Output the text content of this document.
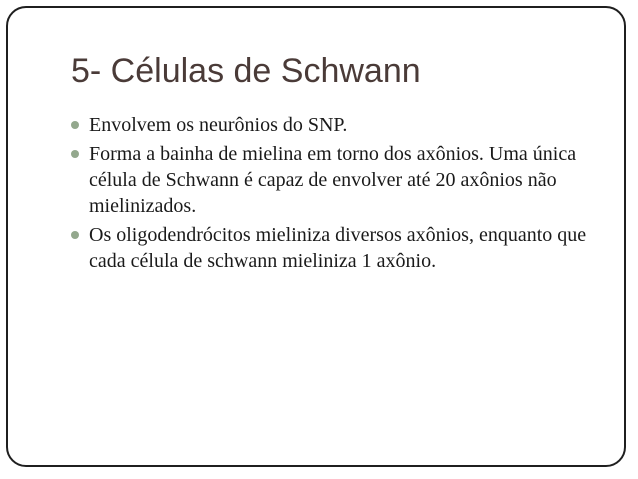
5- Células de Schwann
Envolvem os neurônios do SNP.
Forma a bainha de mielina em torno dos axônios. Uma única célula de Schwann é capaz de envolver até 20 axônios não mielinizados.
Os oligodendrócitos mieliniza diversos axônios, enquanto que cada célula de schwann mieliniza 1 axônio.
